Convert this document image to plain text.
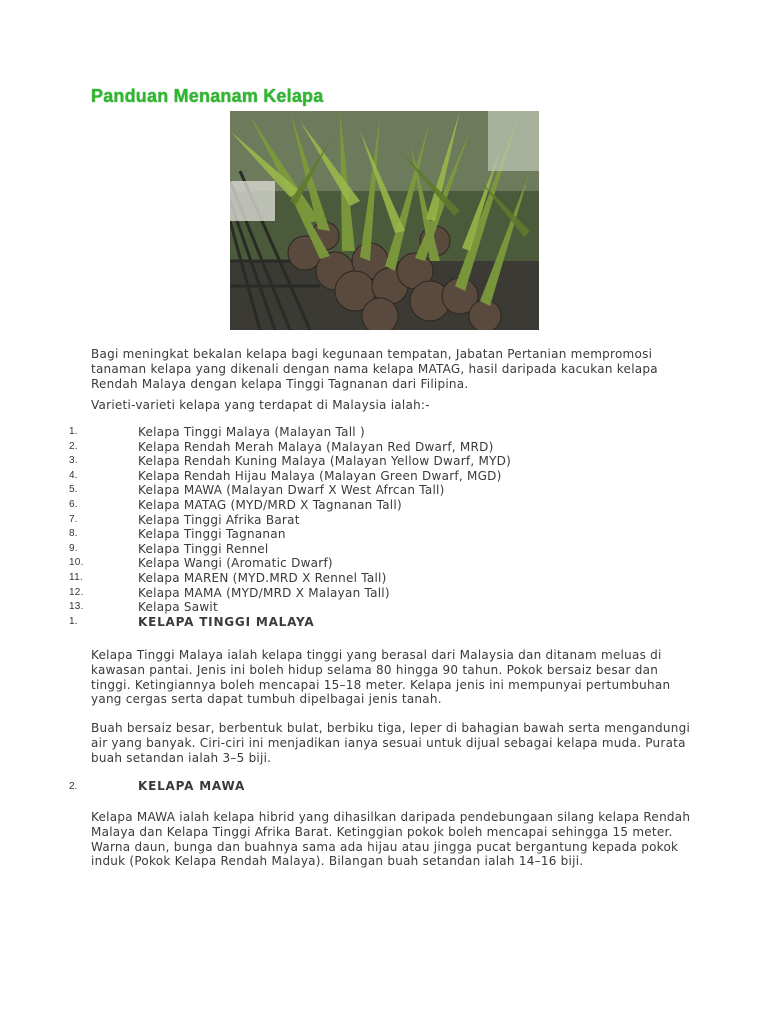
Panduan Menanam Kelapa
Bagi meningkat bekalan kelapa bagi kegunaan tempatan, Jabatan Pertanian mempromosi tanaman kelapa yang dikenali dengan nama kelapa MATAG, hasil daripada kacukan kelapa Rendah Malaya dengan kelapa Tinggi Tagnanan dari Filipina.
Varieti-varieti kelapa yang terdapat di Malaysia ialah:-
1.	Kelapa Tinggi Malaya (Malayan Tall )
2.	Kelapa Rendah Merah Malaya (Malayan Red Dwarf, MRD)
3.	Kelapa Rendah Kuning Malaya (Malayan Yellow Dwarf, MYD)
4.	Kelapa Rendah Hijau Malaya (Malayan Green Dwarf, MGD)
5.	Kelapa MAWA (Malayan Dwarf X West Afrcan Tall)
6.	Kelapa MATAG (MYD/MRD X Tagnanan Tall)
7.	Kelapa Tinggi Afrika Barat
8.	Kelapa Tinggi Tagnanan
9.	Kelapa Tinggi Rennel
10.	Kelapa Wangi (Aromatic Dwarf)
11.	Kelapa MAREN (MYD.MRD X Rennel Tall)
12.	Kelapa MAMA (MYD/MRD X Malayan Tall)
13.	Kelapa Sawit
1.	KELAPA TINGGI MALAYA
Kelapa Tinggi Malaya ialah kelapa tinggi yang berasal dari Malaysia dan ditanam meluas di kawasan pantai. Jenis ini boleh hidup selama 80 hingga 90 tahun. Pokok bersaiz besar dan tinggi. Ketingiannya boleh mencapai 15–18 meter. Kelapa jenis ini mempunyai pertumbuhan yang cergas serta dapat tumbuh dipelbagai jenis tanah.
Buah bersaiz besar, berbentuk bulat, berbiku tiga, leper di bahagian bawah serta mengandungi air yang banyak. Ciri-ciri ini menjadikan ianya sesuai untuk dijual sebagai kelapa muda. Purata buah setandan ialah 3–5 biji.
2.	KELAPA MAWA
Kelapa MAWA ialah kelapa hibrid yang dihasilkan daripada pendebungaan silang kelapa Rendah Malaya dan Kelapa Tinggi Afrika Barat. Ketinggian pokok boleh mencapai sehingga 15 meter. Warna daun, bunga dan buahnya sama ada hijau atau jingga pucat bergantung kepada pokok induk (Pokok Kelapa Rendah Malaya). Bilangan buah setandan ialah 14–16 biji.
